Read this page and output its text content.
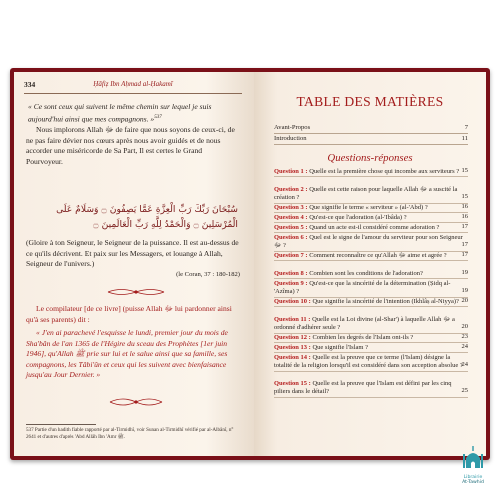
334	Ḥāfiẓ Ibn Aḥmad al-Ḥakamī
« Ce sont ceux qui suivent le même chemin sur lequel je suis aujourd'hui ainsi que mes compagnons. »$^{537}$
Nous implorons Allah ﷻ de faire que nous soyons de ceux-ci, de ne pas faire dévier nos cœurs après nous avoir guidés et de nous accorder une miséricorde de Sa Part, Il est certes le Grand Pourvoyeur.
سُبْحَانَ رَبِّكَ رَبِّ الْعِزَّةِ عَمَّا يَصِفُونَ ۝ وَسَلَامٌ عَلَى
الْمُرْسَلِينَ ۝ وَالْحَمْدُ لِلَّهِ رَبِّ الْعَالَمِينَ ۝
(Gloire à ton Seigneur, le Seigneur de la puissance. Il est au-dessus de ce qu'ils décrivent. Et paix sur les Messagers, et louange à Allah, Seigneur de l'univers.)
(le Coran, 37 : 180-182)
Le compilateur [de ce livre] (puisse Allah ﷻ lui pardonner ainsi qu'à ses parents) dit :
« J'en ai parachevé l'esquisse le lundi, premier jour du mois de Sha'bân de l'an 1365 de l'Hégire du sceau des Prophètes [1er juin 1946], qu'Allah ﷺ prie sur lui et le salue ainsi que sa famille, ses compagnons, les Tâbi'ûn et ceux qui les suivent avec bienfaisance jusqu'au Jour Dernier. »
537 Partie d'un hadith fiable rapporté par al-Tirmidhî, voir Sunan al-Tirmidhî vérifié par al-Albânî, n° 2641 et d'autres d'après 'Abd Allâh Ibn 'Amr ﷺ.
TABLE DES MATIÈRES
Avant-Propos	7
Introduction	11
Questions-réponses
Question 1 : Quelle est la première chose qui incombe aux serviteurs ? 15
Question 2 : Quelle est cette raison pour laquelle Allah ﷻ a suscité la création ?	15
Question 3 : Que signifie le terme « serviteur » (al-'Abd) ?	16
Question 4 : Qu'est-ce que l'adoration (al-'Ibâda) ?	16
Question 5 : Quand un acte est-il considéré comme adoration ?	17
Question 6 : Quel est le signe de l'amour du serviteur pour son Seigneur ﷻ ?	17
Question 7 : Comment reconnaître ce qu'Allah ﷻ aime et agrée ? 17
Question 8 : Combien sont les conditions de l'adoration?	19
Question 9 : Qu'est-ce que la sincérité de la détermination (Ṣidq al-'Azîma) ?	19
Question 10 : Que signifie la sincérité de l'intention (Ikhlâṣ al-Niyya)? 20
Question 11 : Quelle est la Loi divine (al-Shar') à laquelle Allah ﷻ a ordonné d'adhérer seule ?	20
Question 12 : Combien les degrés de l'Islam ont-ils ?	23
Question 13 : Que signifie l'Islam ?	24
Question 14 : Quelle est la preuve que ce terme (l'Islam) désigne la totalité de la religion lorsqu'il est considéré dans son acception absolue ?
24
Question 15 : Quelle est la preuve que l'Islam est défini par les cinq piliers dans le détail?	25
Librairie
At-Tawhid
